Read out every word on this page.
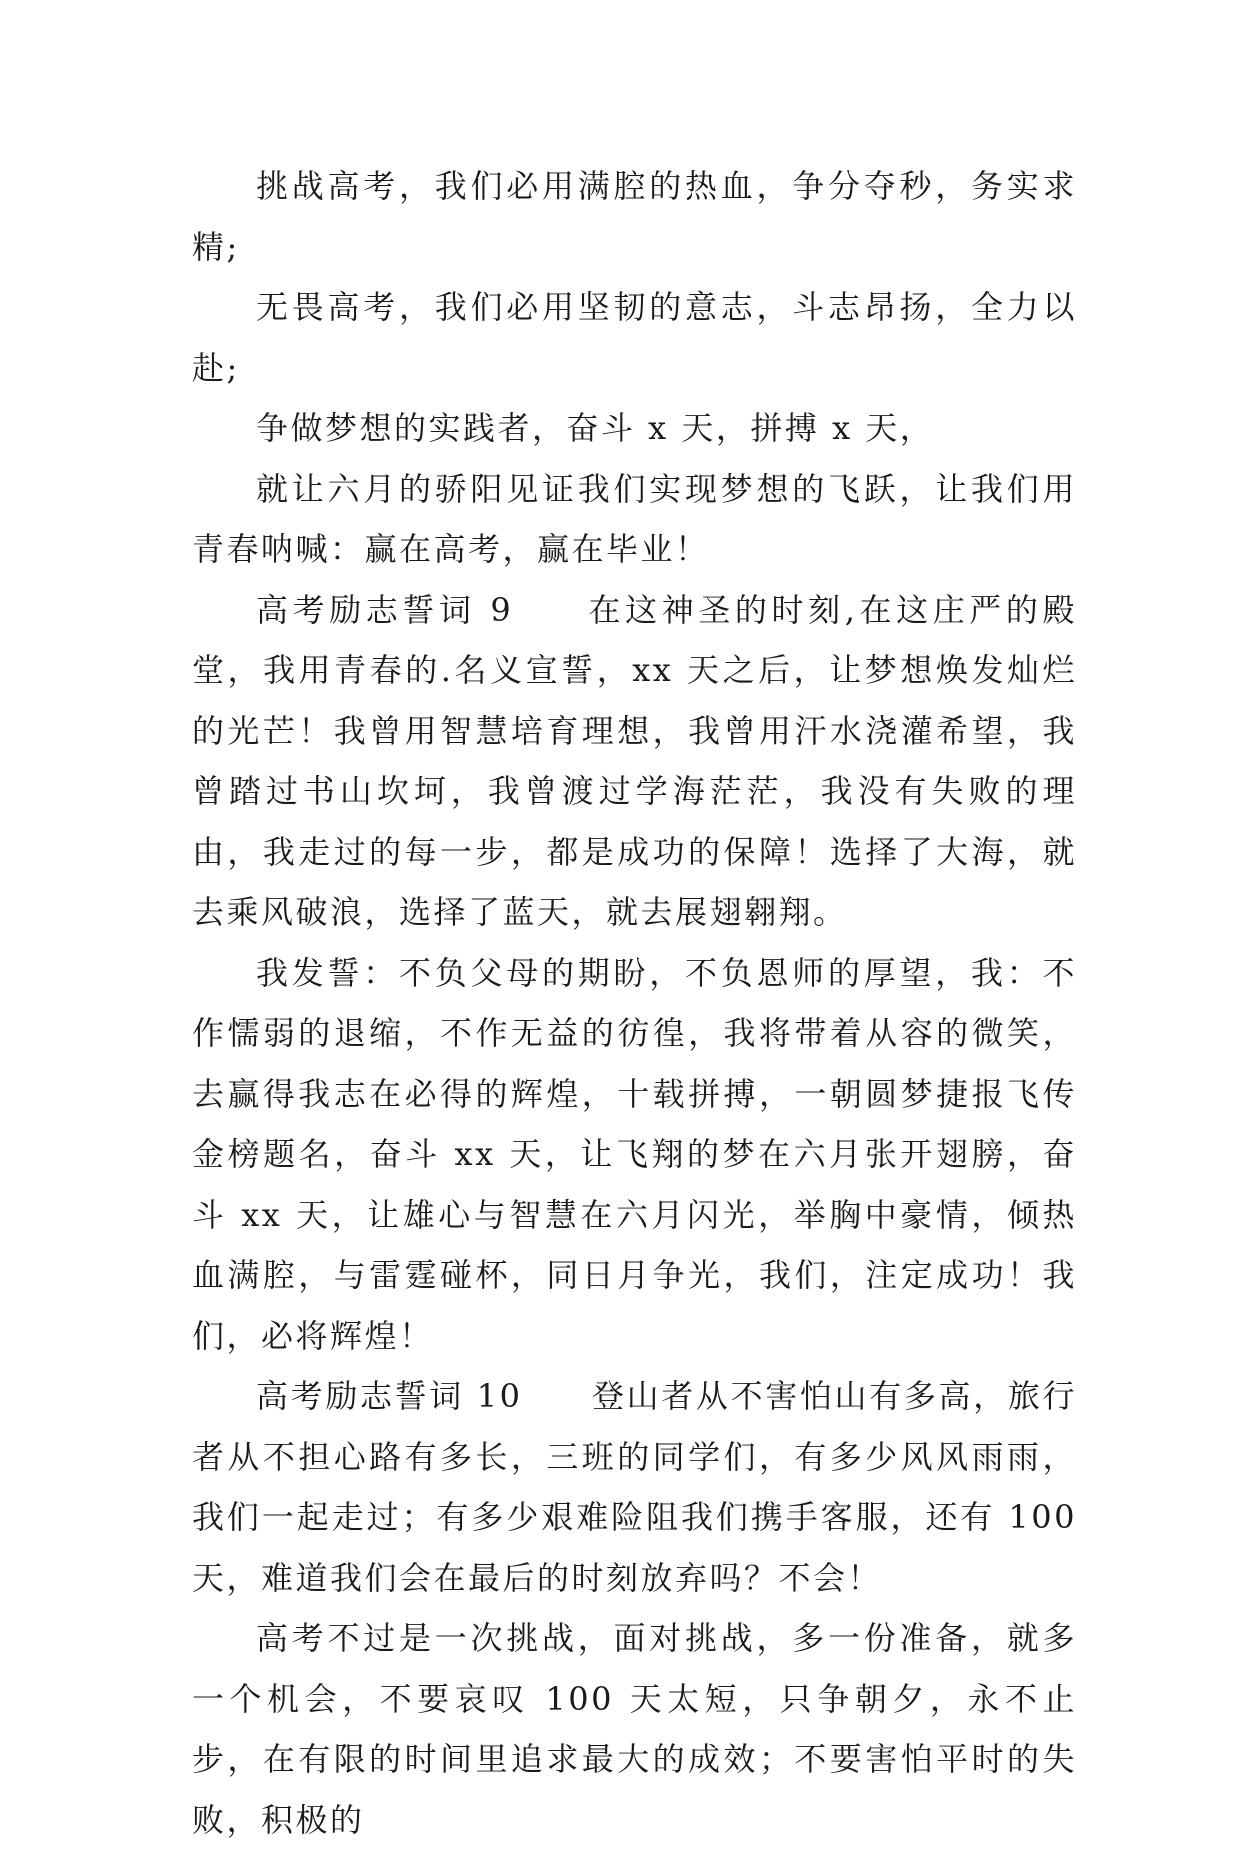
挑战高考，我们必用满腔的热血，争分夺秒，务实求精;

无畏高考，我们必用坚韧的意志，斗志昂扬，全力以赴;

争做梦想的实践者，奋斗 x 天，拼搏 x 天，

就让六月的骄阳见证我们实现梦想的飞跃，让我们用青春呐喊：赢在高考，赢在毕业！

高考励志誓词 9　　在这神圣的时刻,在这庄严的殿堂，我用青春的.名义宣誓，xx 天之后，让梦想焕发灿烂的光芒！我曾用智慧培育理想，我曾用汗水浇灌希望，我曾踏过书山坎坷，我曾渡过学海茫茫，我没有失败的理由，我走过的每一步，都是成功的保障！选择了大海，就去乘风破浪，选择了蓝天，就去展翅翱翔。

我发誓：不负父母的期盼，不负恩师的厚望，我：不作懦弱的退缩，不作无益的彷徨，我将带着从容的微笑，去赢得我志在必得的辉煌，十载拼搏，一朝圆梦捷报飞传金榜题名，奋斗 xx 天，让飞翔的梦在六月张开翅膀，奋斗 xx 天，让雄心与智慧在六月闪光，举胸中豪情，倾热血满腔，与雷霆碰杯，同日月争光，我们，注定成功！我们，必将辉煌！

高考励志誓词 10　　登山者从不害怕山有多高，旅行者从不担心路有多长，三班的同学们，有多少风风雨雨，我们一起走过；有多少艰难险阻我们携手客服，还有 100 天，难道我们会在最后的时刻放弃吗？不会！

高考不过是一次挑战，面对挑战，多一份准备，就多一个机会，不要哀叹 100 天太短，只争朝夕，永不止步，在有限的时间里追求最大的成效；不要害怕平时的失败，积极的
